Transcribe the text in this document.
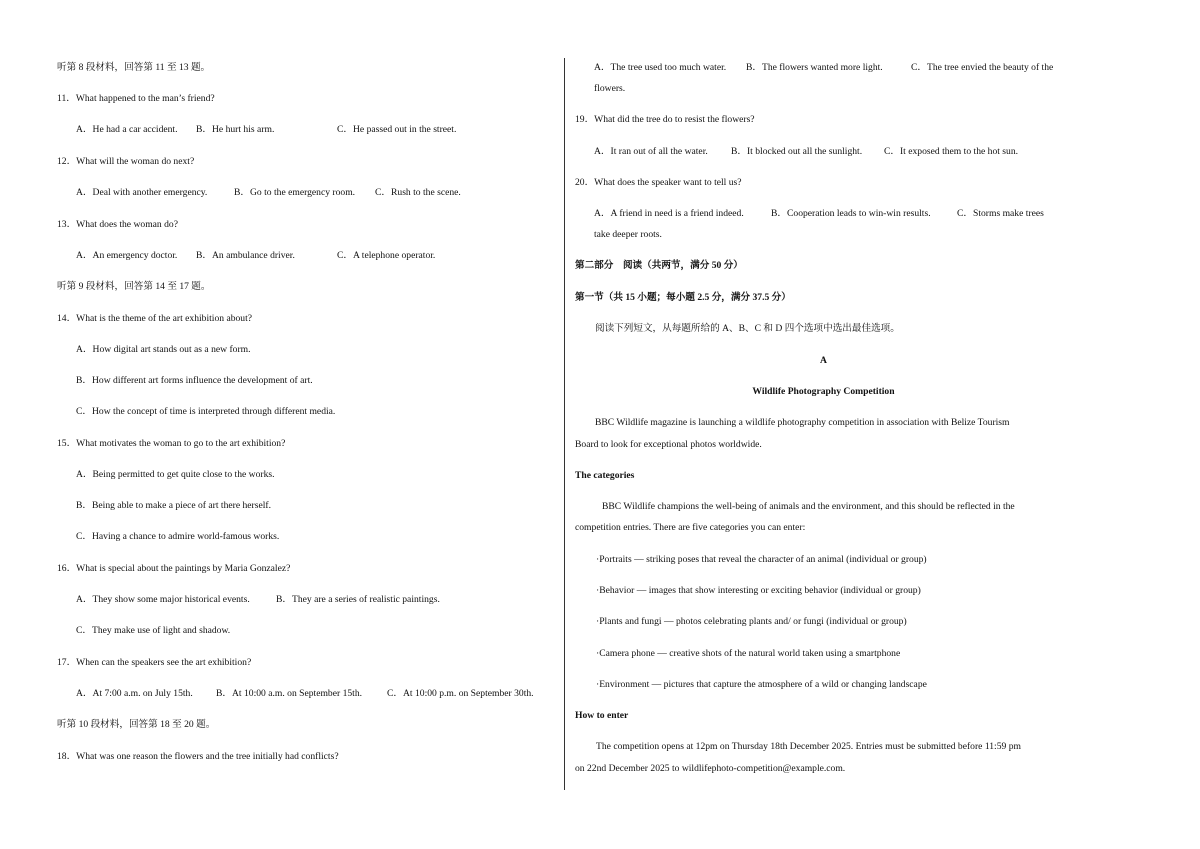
听第 8 段材料，回答第 11 至 13 题。
11．What happened to the man’s friend?
A．He had a car accident. B．He hurt his arm.	C．He passed out in the street.
12．What will the woman do next?
A．Deal with another emergency.	B．Go to the emergency room. C．Rush to the scene.
13．What does the woman do?
A．An emergency doctor. B．An ambulance driver.	C．A telephone operator.
听第 9 段材料，回答第 14 至 17 题。
14．What is the theme of the art exhibition about?
A．How digital art stands out as a new form.
B．How different art forms influence the development of art.
C．How the concept of time is interpreted through different media.
15．What motivates the woman to go to the art exhibition?
A．Being permitted to get quite close to the works.
B．Being able to make a piece of art there herself.
C．Having a chance to admire world-famous works.
16．What is special about the paintings by Maria Gonzalez?
A．They show some major historical events.	B．They are a series of realistic paintings.
C．They make use of light and shadow.
17．When can the speakers see the art exhibition?
A．At 7:00 a.m. on July 15th. B．At 10:00 a.m. on September 15th.	C．At 10:00 p.m. on September 30th.
听第 10 段材料，回答第 18 至 20 题。
18．What was one reason the flowers and the tree initially had conflicts?
A．The tree used too much water. B．The flowers wanted more light.	C．The tree envied the beauty of the
flowers.
19．What did the tree do to resist the flowers?
A．It ran out of all the water. B．It blocked out all the sunlight. C．It exposed them to the hot sun.
20．What does the speaker want to tell us?
A．A friend in need is a friend indeed.	B．Cooperation leads to win-win results.	C．Storms make trees
take deeper roots.
第二部分　阅读（共两节，满分 50 分）
第一节（共 15 小题；每小题 2.5 分，满分 37.5 分）
阅读下列短文，从每题所给的 A、B、C 和 D 四个选项中选出最佳选项。
A
Wildlife Photography Competition
BBC Wildlife magazine is launching a wildlife photography competition in association with Belize Tourism
Board to look for exceptional photos worldwide.
The categories
BBC Wildlife champions the well-being of animals and the environment, and this should be reflected in the
competition entries. There are five categories you can enter:
·Portraits — striking poses that reveal the character of an animal (individual or group)
·Behavior — images that show interesting or exciting behavior (individual or group)
·Plants and fungi — photos celebrating plants and/ or fungi (individual or group)
·Camera phone — creative shots of the natural world taken using a smartphone
·Environment — pictures that capture the atmosphere of a wild or changing landscape
How to enter
The competition opens at 12pm on Thursday 18th December 2025. Entries must be submitted before 11:59 pm
on 22nd December 2025 to wildlifephoto-competition@example.com.
